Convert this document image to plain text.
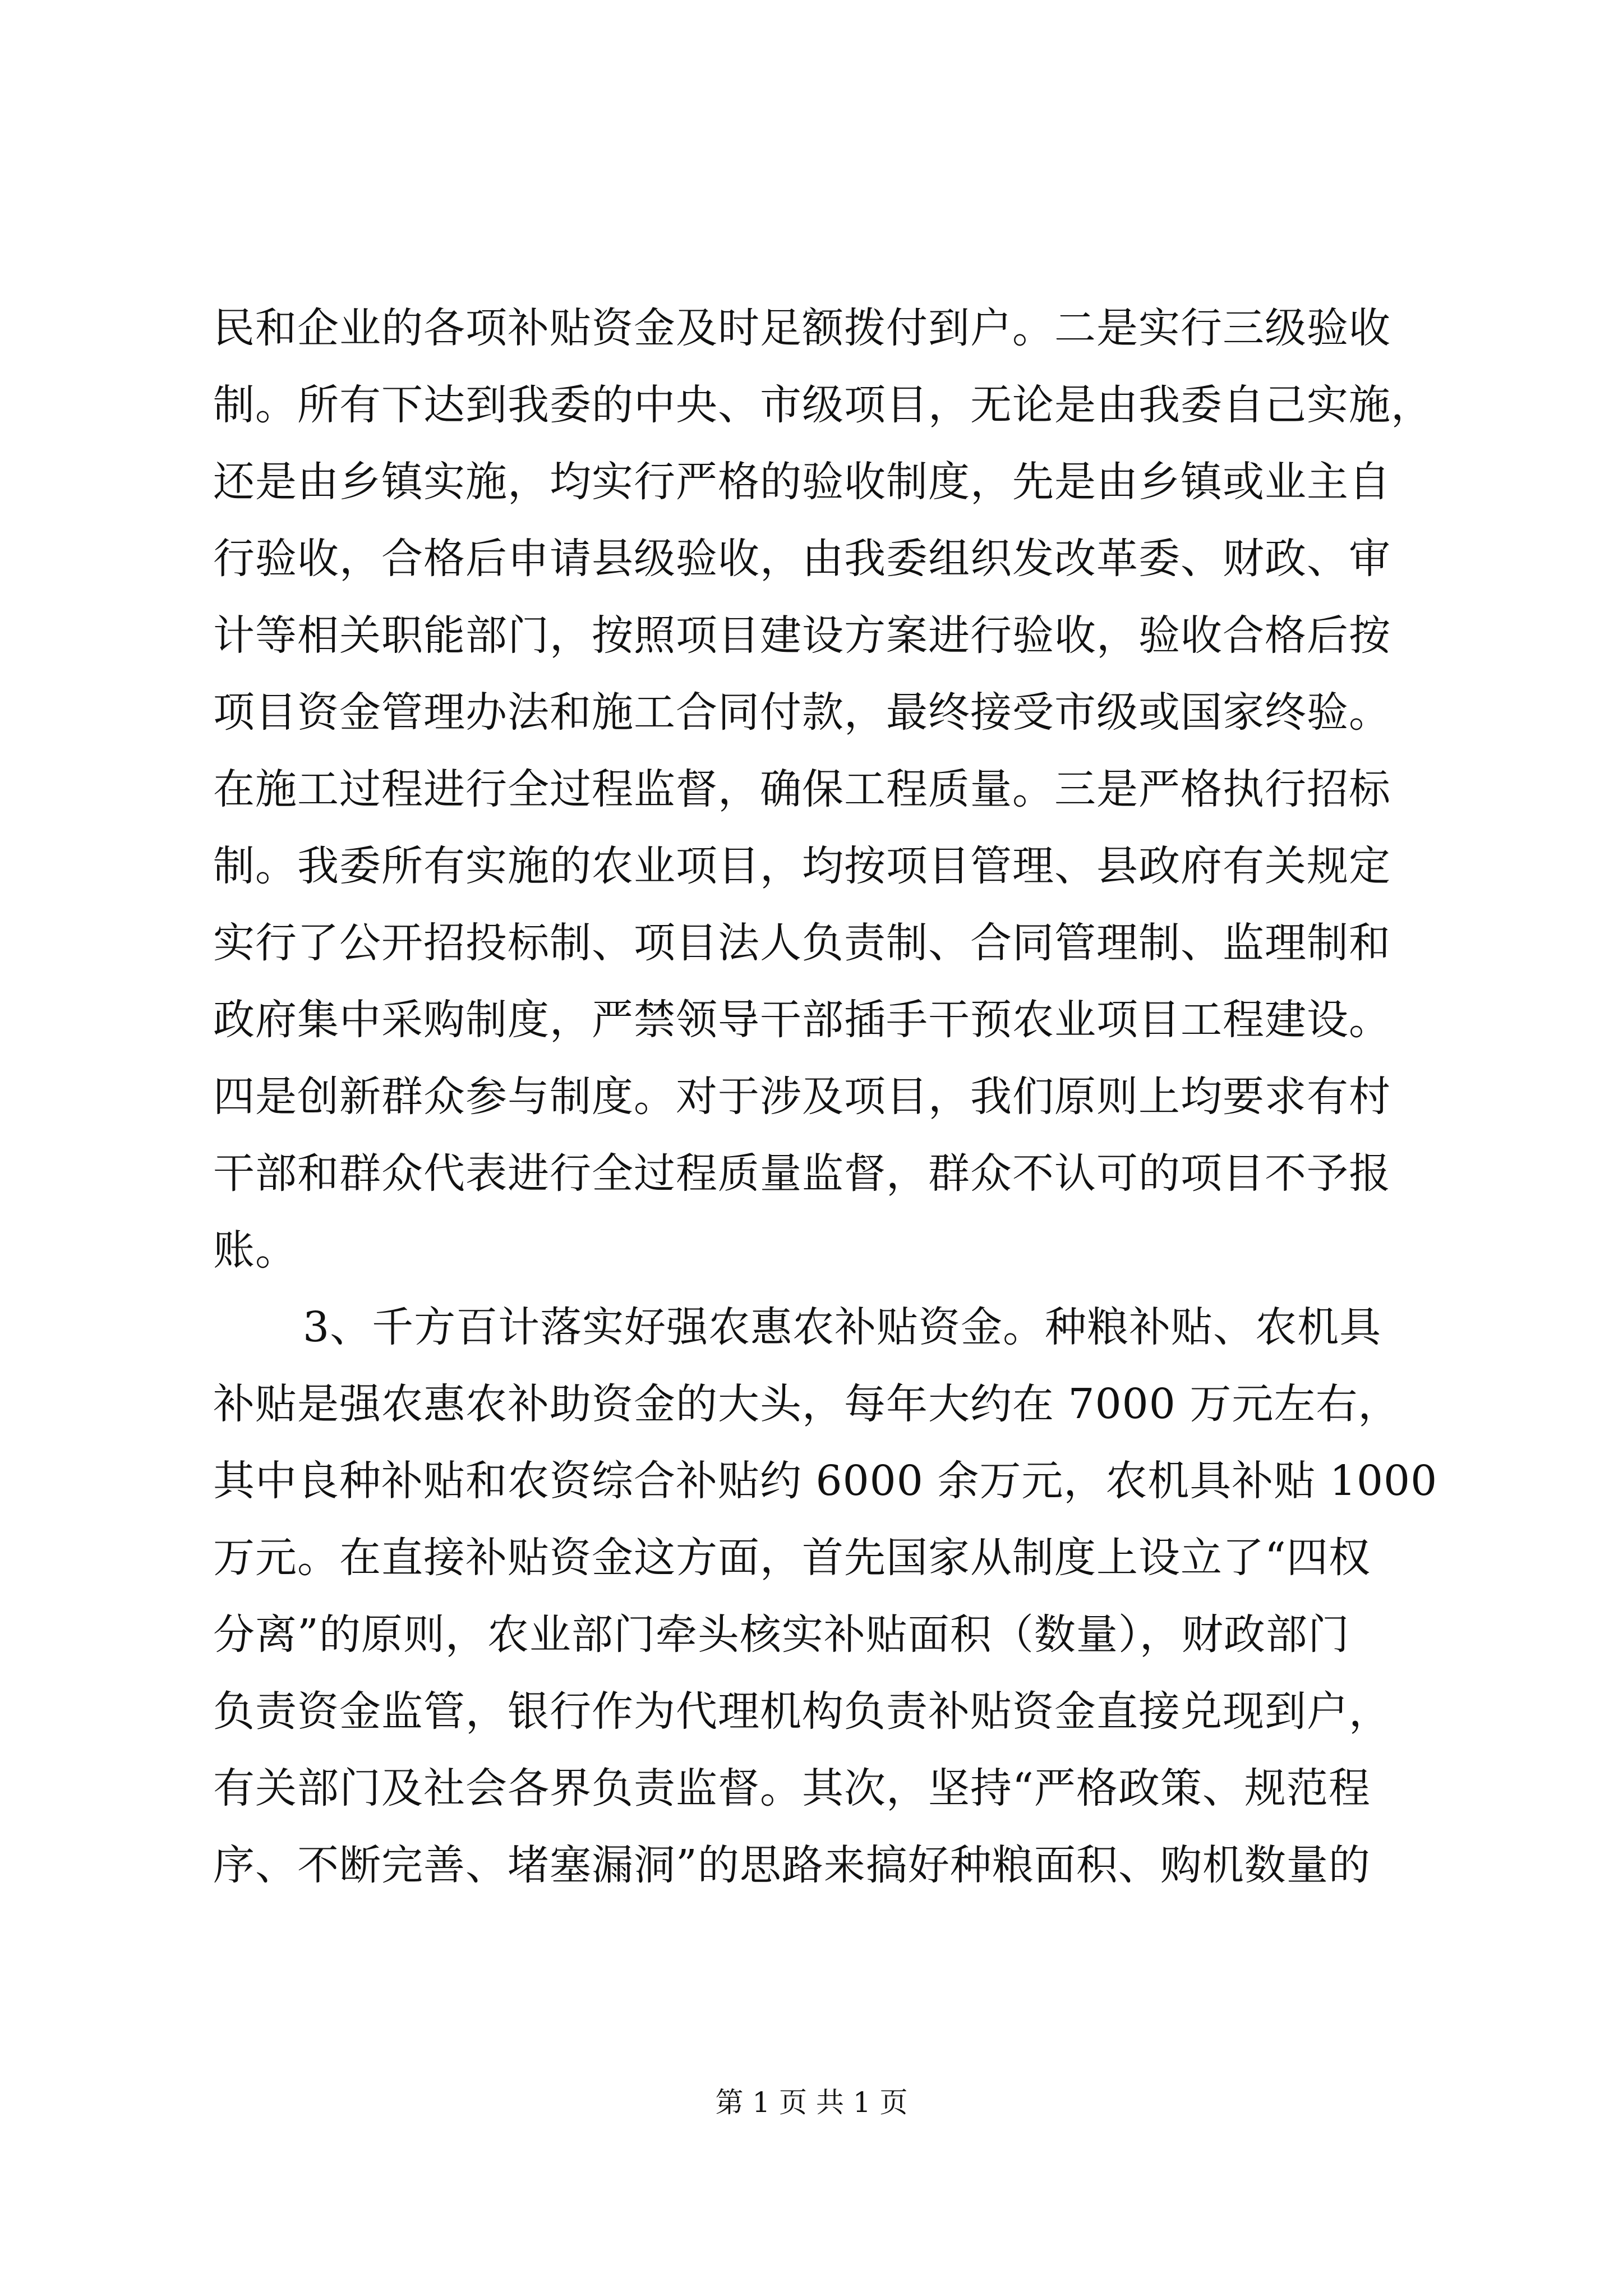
民和企业的各项补贴资金及时足额拨付到户。二是实行三级验收

制。所有下达到我委的中央、市级项目，无论是由我委自己实施，

还是由乡镇实施，均实行严格的验收制度，先是由乡镇或业主自

行验收，合格后申请县级验收，由我委组织发改革委、财政、审

计等相关职能部门，按照项目建设方案进行验收，验收合格后按

项目资金管理办法和施工合同付款，最终接受市级或国家终验。

在施工过程进行全过程监督，确保工程质量。三是严格执行招标

制。我委所有实施的农业项目，均按项目管理、县政府有关规定

实行了公开招投标制、项目法人负责制、合同管理制、监理制和

政府集中采购制度，严禁领导干部插手干预农业项目工程建设。

四是创新群众参与制度。对于涉及项目，我们原则上均要求有村

干部和群众代表进行全过程质量监督，群众不认可的项目不予报

账。

3、千方百计落实好强农惠农补贴资金。种粮补贴、农机具

补贴是强农惠农补助资金的大头，每年大约在 7000 万元左右，

其中良种补贴和农资综合补贴约 6000 余万元，农机具补贴 1000

万元。在直接补贴资金这方面，首先国家从制度上设立了“四权

分离”的原则，农业部门牵头核实补贴面积（数量），财政部门

负责资金监管，银行作为代理机构负责补贴资金直接兑现到户，

有关部门及社会各界负责监督。其次，坚持“严格政策、规范程

序、不断完善、堵塞漏洞”的思路来搞好种粮面积、购机数量的

第 1 页 共 1 页
